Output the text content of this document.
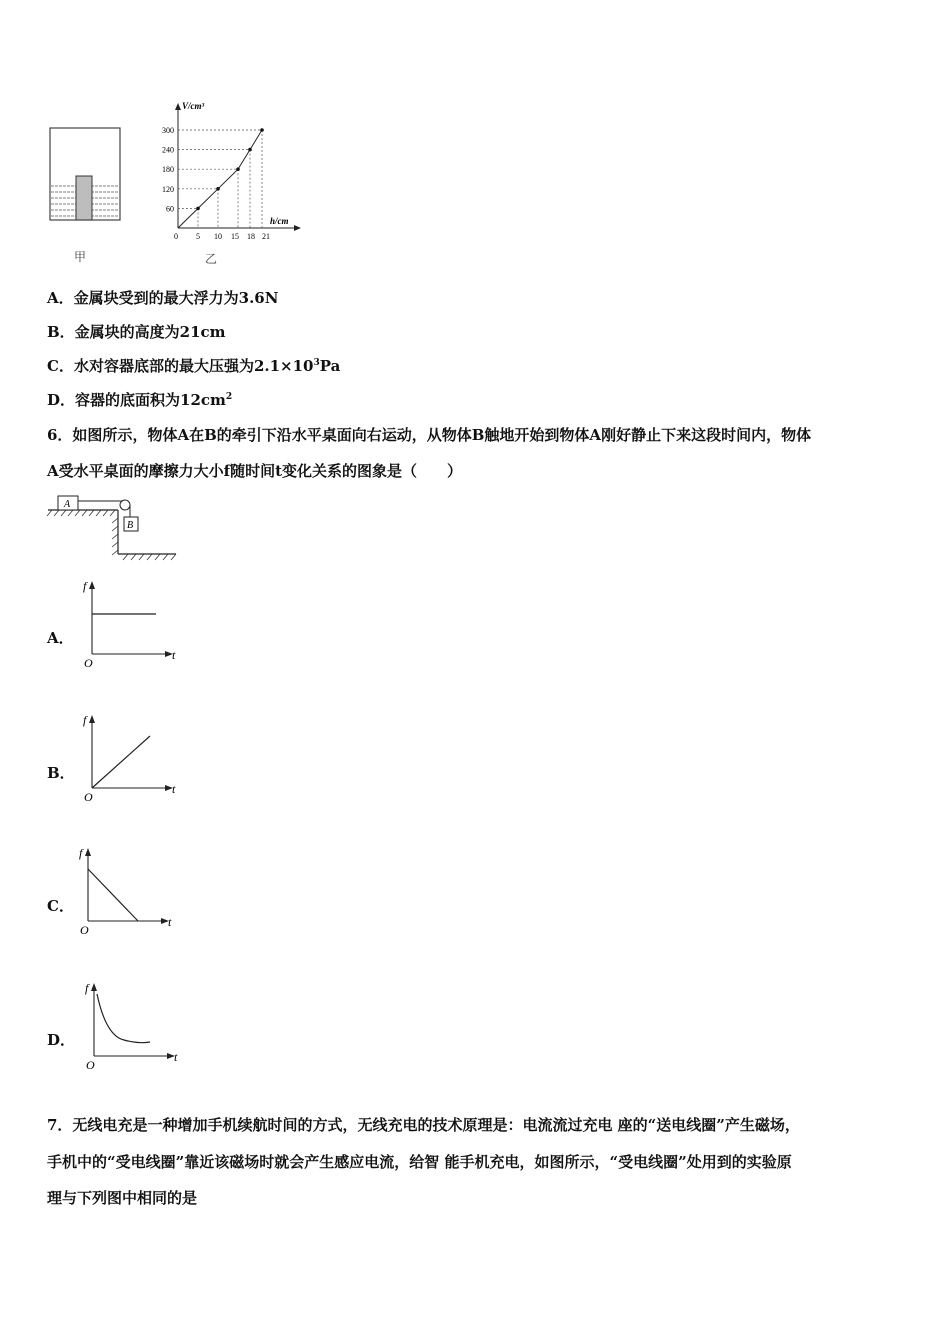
甲
V/cm³
h/cm
300
240
180
120
60
0 5 10 15 18 21
乙
A．金属块受到的最大浮力为3.6N
B．金属块的高度为21cm
C．水对容器底部的最大压强为$2.1\times 10^3Pa$
D．容器的底面积为$12cm^2$
6．如图所示，物体A在B的牵引下沿水平桌面向右运动，从物体B触地开始到物体A刚好静止下来这段时间内，物体
A受水平桌面的摩擦力大小f随时间t变化关系的图象是（　　）
A
B
A．
f
t
O
B．
f
t
O
C．
f
t
O
D．
f
t
O
7．无线电充是一种增加手机续航时间的方式，无线充电的技术原理是：电流流过充电 座的“送电线圈”产生磁场，
手机中的“受电线圈”靠近该磁场时就会产生感应电流，给智 能手机充电，如图所示，“受电线圈”处用到的实验原
理与下列图中相同的是
